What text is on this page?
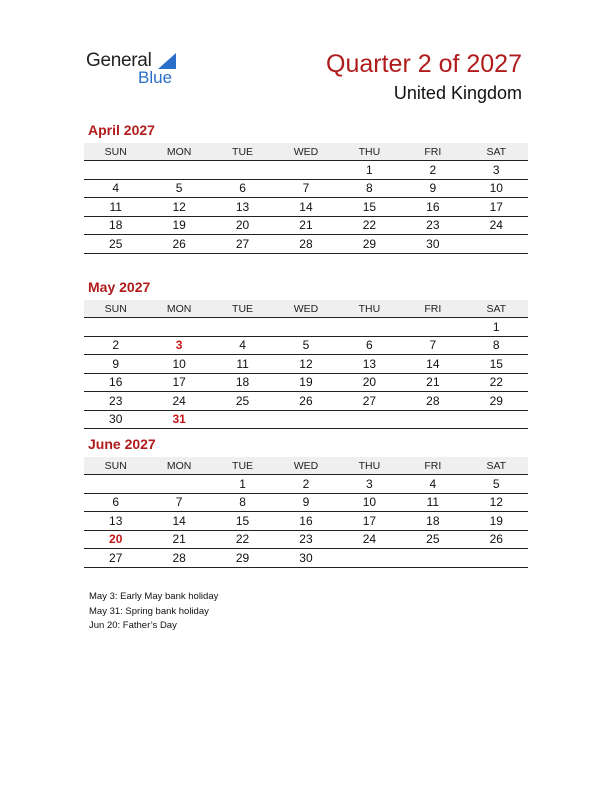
General
Blue	Quarter 2 of 2027
United Kingdom
April 2027
SUN	MON	TUE	WED	THU	FRI	SAT
				1	2	3
4	5	6	7	8	9	10
11	12	13	14	15	16	17
18	19	20	21	22	23	24
25	26	27	28	29	30	
May 2027
SUN	MON	TUE	WED	THU	FRI	SAT
						1
2	3	4	5	6	7	8
9	10	11	12	13	14	15
16	17	18	19	20	21	22
23	24	25	26	27	28	29
30	31					
June 2027
SUN	MON	TUE	WED	THU	FRI	SAT
		1	2	3	4	5
6	7	8	9	10	11	12
13	14	15	16	17	18	19
20	21	22	23	24	25	26
27	28	29	30			
May 3: Early May bank holiday
May 31: Spring bank holiday
Jun 20: Father’s Day
